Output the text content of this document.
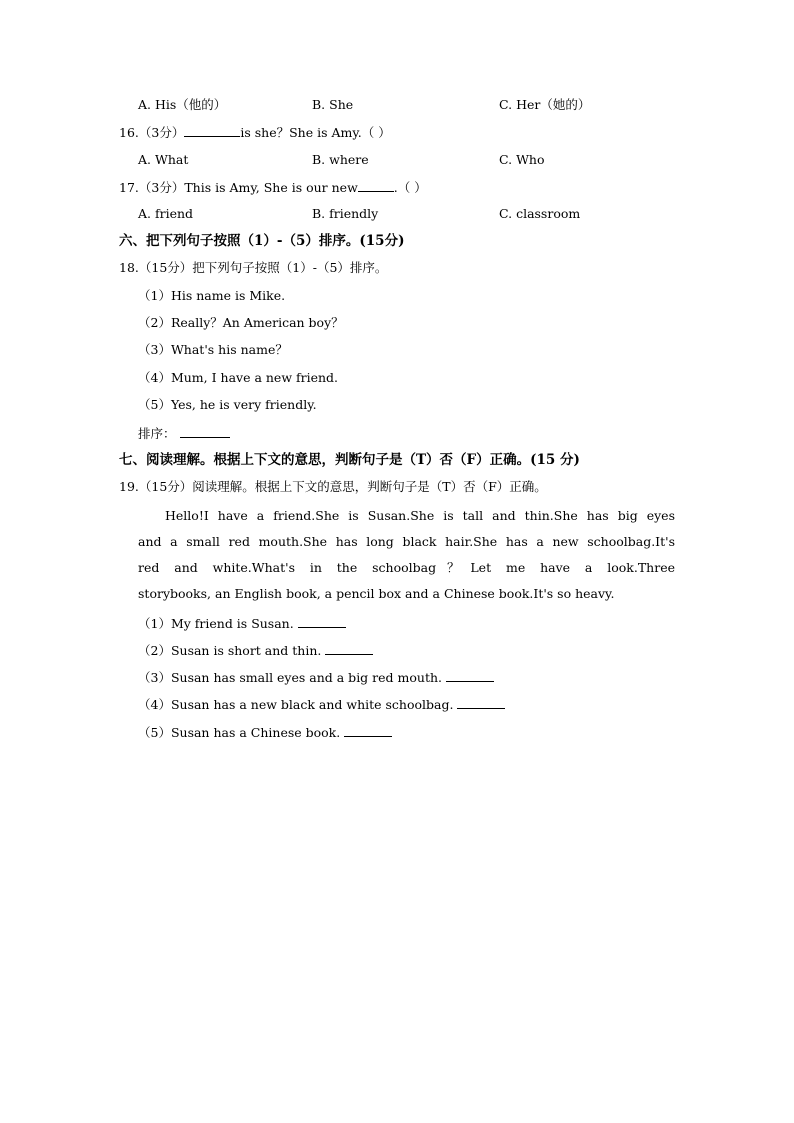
A. His（他的）	B. She	C. Her（她的）
16.（3分）	is she？She is Amy.（ ）
A. What	B. where	C. Who
17.（3分）This is Amy, She is our new	.（ ）
A. friend	B. friendly	C. classroom
六、把下列句子按照（1）-（5）排序。(15分)
18.（15分）把下列句子按照（1）-（5）排序。
（1）His name is Mike.
（2）Really？An American boy？
（3）What's his name？
（4）Mum, I have a new friend.
（5）Yes, he is very friendly.
排序：
七、阅读理解。根据上下文的意思，判断句子是（T）否（F）正确。(15 分)
19.（15分）阅读理解。根据上下文的意思，判断句子是（T）否（F）正确。
Hello!I have a friend.She is Susan.She is tall and thin.She has big eyes
and a small red mouth.She has long black hair.She has a new schoolbag.It's
red and white.What's in the schoolbag？Let me have a look.Three
storybooks, an English book, a pencil box and a Chinese book.It's so heavy.
（1）My friend is Susan.
（2）Susan is short and thin.
（3）Susan has small eyes and a big red mouth.
（4）Susan has a new black and white schoolbag.
（5）Susan has a Chinese book.
